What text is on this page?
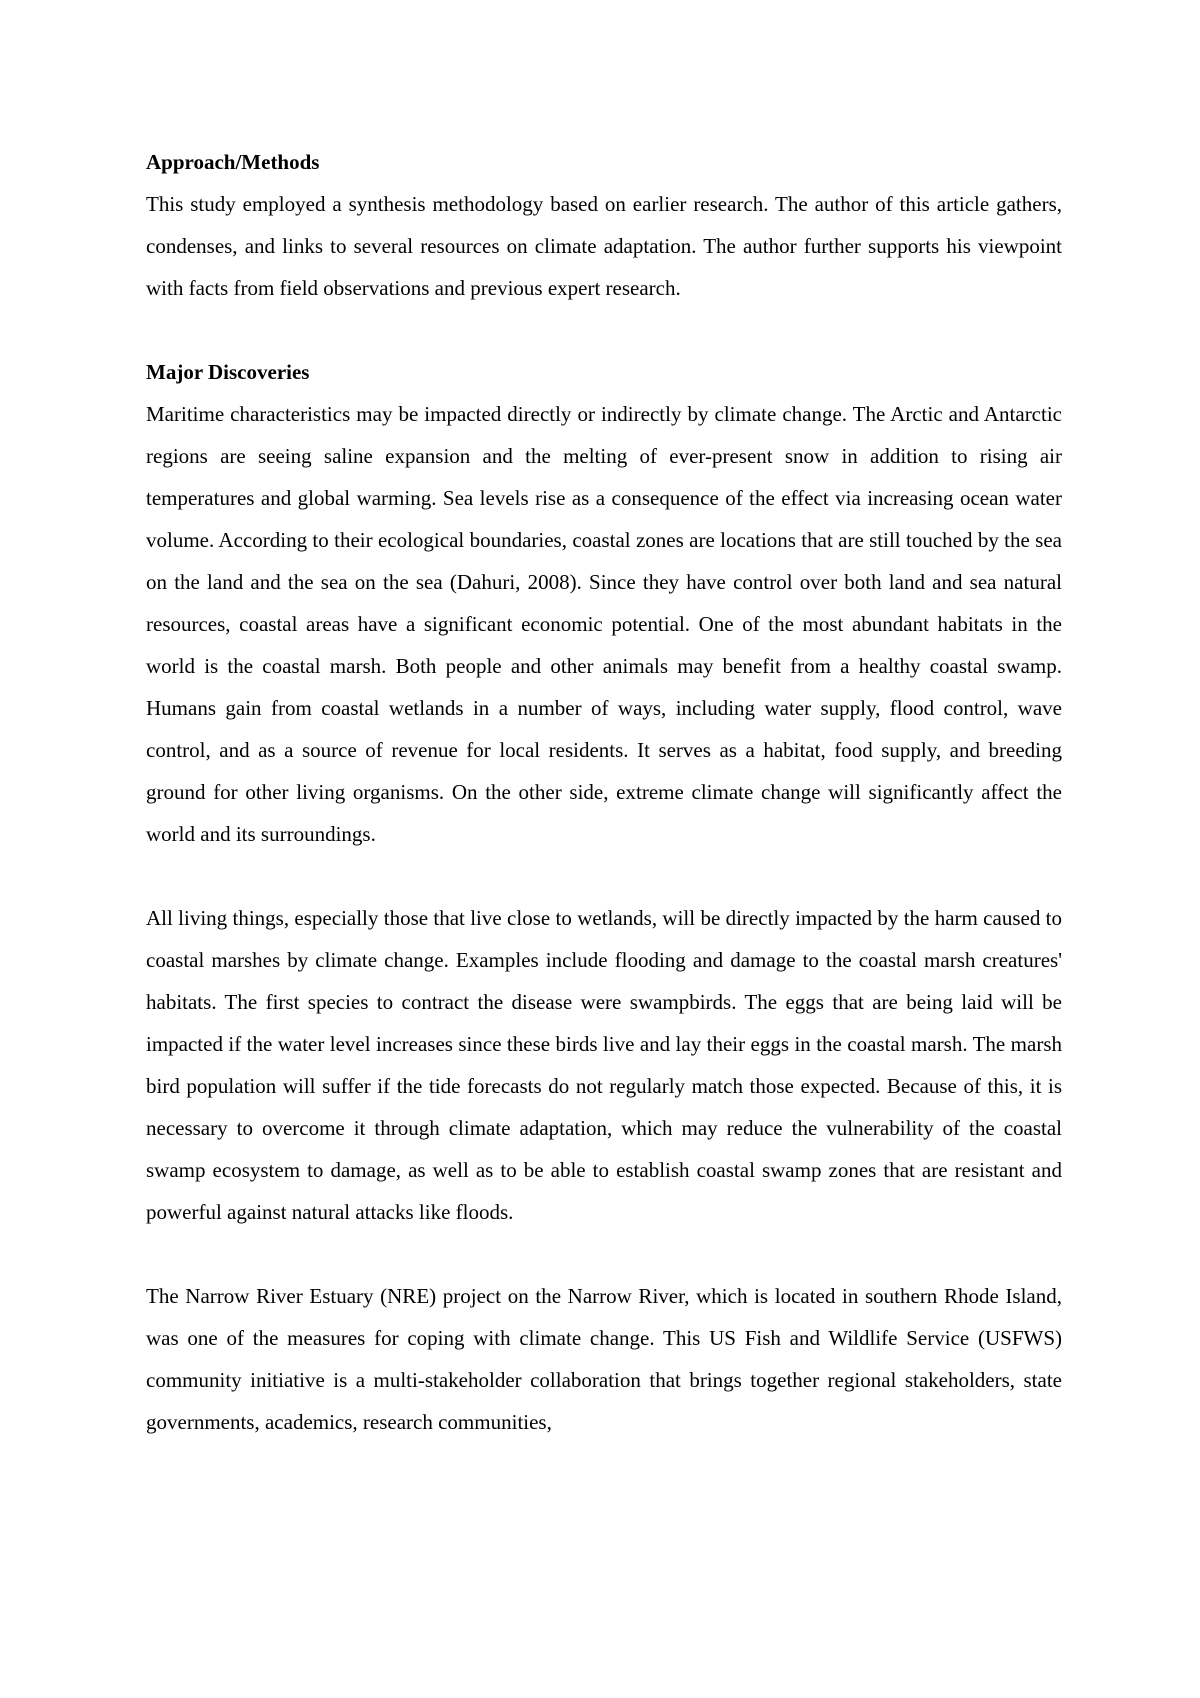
Approach/Methods

This study employed a synthesis methodology based on earlier research. The author of this article gathers, condenses, and links to several resources on climate adaptation. The author further supports his viewpoint with facts from field observations and previous expert research.

Major Discoveries

Maritime characteristics may be impacted directly or indirectly by climate change. The Arctic and Antarctic regions are seeing saline expansion and the melting of ever-present snow in addition to rising air temperatures and global warming. Sea levels rise as a consequence of the effect via increasing ocean water volume. According to their ecological boundaries, coastal zones are locations that are still touched by the sea on the land and the sea on the sea (Dahuri, 2008). Since they have control over both land and sea natural resources, coastal areas have a significant economic potential. One of the most abundant habitats in the world is the coastal marsh. Both people and other animals may benefit from a healthy coastal swamp. Humans gain from coastal wetlands in a number of ways, including water supply, flood control, wave control, and as a source of revenue for local residents. It serves as a habitat, food supply, and breeding ground for other living organisms. On the other side, extreme climate change will significantly affect the world and its surroundings.

All living things, especially those that live close to wetlands, will be directly impacted by the harm caused to coastal marshes by climate change. Examples include flooding and damage to the coastal marsh creatures' habitats. The first species to contract the disease were swampbirds. The eggs that are being laid will be impacted if the water level increases since these birds live and lay their eggs in the coastal marsh. The marsh bird population will suffer if the tide forecasts do not regularly match those expected. Because of this, it is necessary to overcome it through climate adaptation, which may reduce the vulnerability of the coastal swamp ecosystem to damage, as well as to be able to establish coastal swamp zones that are resistant and powerful against natural attacks like floods.

The Narrow River Estuary (NRE) project on the Narrow River, which is located in southern Rhode Island, was one of the measures for coping with climate change. This US Fish and Wildlife Service (USFWS) community initiative is a multi-stakeholder collaboration that brings together regional stakeholders, state governments, academics, research communities,
